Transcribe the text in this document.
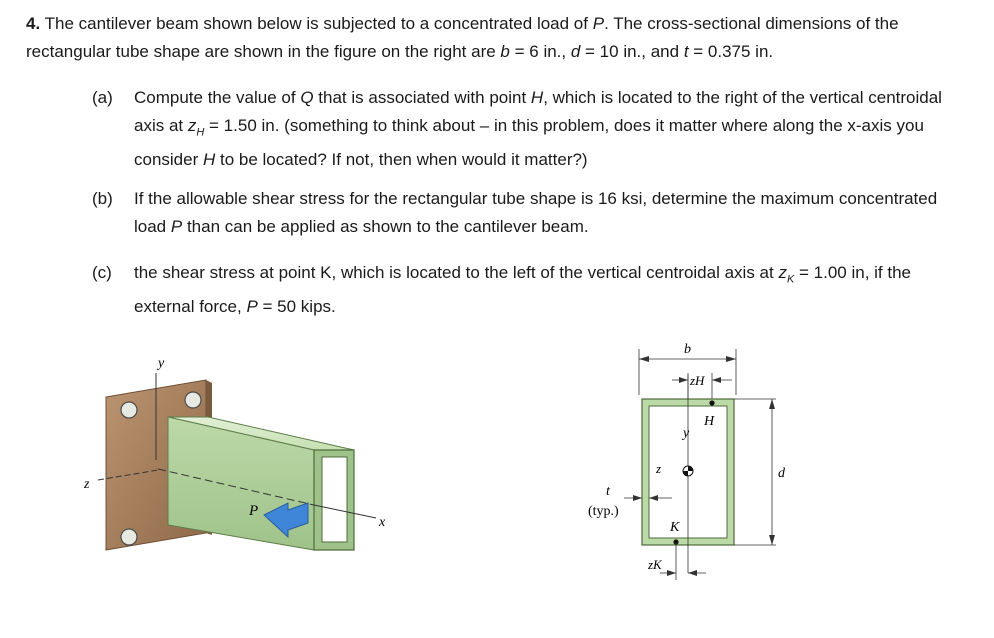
4. The cantilever beam shown below is subjected to a concentrated load of P. The cross-sectional dimensions of the rectangular tube shape are shown in the figure on the right are b = 6 in., d = 10 in., and t = 0.375 in.
(a)	Compute the value of Q that is associated with point H, which is located to the right of the vertical centroidal axis at $z_H = 1.50$ in. (something to think about – in this problem, does it matter where along the x-axis you consider H to be located? If not, then when would it matter?)
(b)	If the allowable shear stress for the rectangular tube shape is 16 ksi, determine the maximum concentrated load P than can be applied as shown to the cantilever beam.
(c)	the shear stress at point K, which is located to the left of the vertical centroidal axis at $z_K = 1.00$ in, if the external force, P = 50 kips.
y
z
x
P
b
zH
H
y
z	d
t
(typ.)
K
zK
